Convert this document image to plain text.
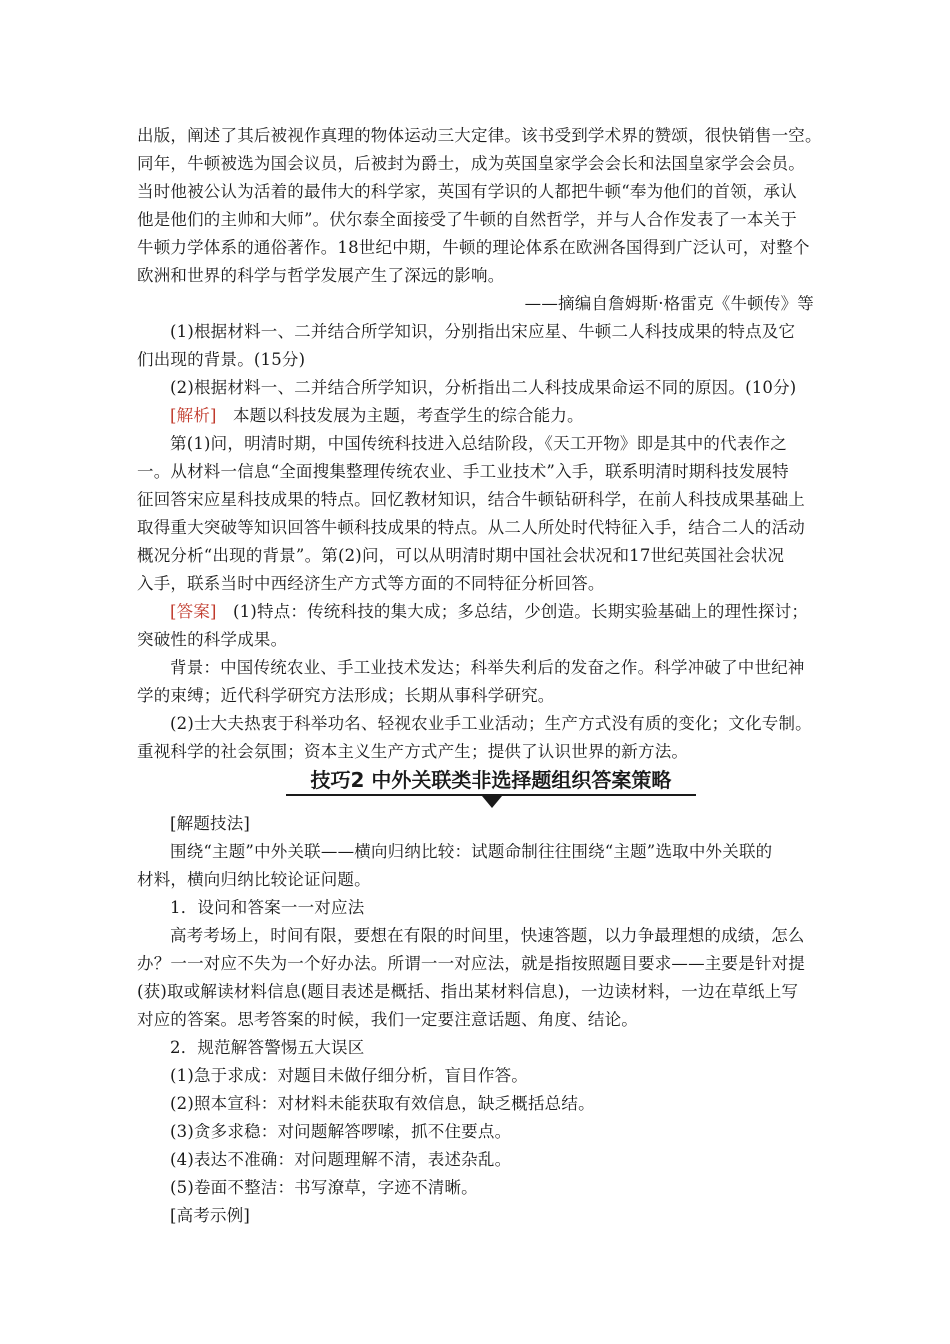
出版，阐述了其后被视作真理的物体运动三大定律。该书受到学术界的赞颂，很快销售一空。
同年，牛顿被选为国会议员，后被封为爵士，成为英国皇家学会会长和法国皇家学会会员。
当时他被公认为活着的最伟大的科学家，英国有学识的人都把牛顿“奉为他们的首领，承认
他是他们的主帅和大师”。伏尔泰全面接受了牛顿的自然哲学，并与人合作发表了一本关于
牛顿力学体系的通俗著作。18世纪中期，牛顿的理论体系在欧洲各国得到广泛认可，对整个
欧洲和世界的科学与哲学发展产生了深远的影响。
——摘编自詹姆斯·格雷克《牛顿传》等
(1)根据材料一、二并结合所学知识，分别指出宋应星、牛顿二人科技成果的特点及它
们出现的背景。(15分)
(2)根据材料一、二并结合所学知识，分析指出二人科技成果命运不同的原因。(10分)
[解析] 本题以科技发展为主题，考查学生的综合能力。
第(1)问，明清时期，中国传统科技进入总结阶段，《天工开物》即是其中的代表作之
一。从材料一信息“全面搜集整理传统农业、手工业技术”入手，联系明清时期科技发展特
征回答宋应星科技成果的特点。回忆教材知识，结合牛顿钻研科学，在前人科技成果基础上
取得重大突破等知识回答牛顿科技成果的特点。从二人所处时代特征入手，结合二人的活动
概况分析“出现的背景”。第(2)问，可以从明清时期中国社会状况和17世纪英国社会状况
入手，联系当时中西经济生产方式等方面的不同特征分析回答。
[答案] (1)特点：传统科技的集大成；多总结，少创造。长期实验基础上的理性探讨；
突破性的科学成果。
背景：中国传统农业、手工业技术发达；科举失利后的发奋之作。科学冲破了中世纪神
学的束缚；近代科学研究方法形成；长期从事科学研究。
(2)士大夫热衷于科举功名、轻视农业手工业活动；生产方式没有质的变化；文化专制。
重视科学的社会氛围；资本主义生产方式产生；提供了认识世界的新方法。
技巧2 中外关联类非选择题组织答案策略
[解题技法]
围绕“主题”中外关联——横向归纳比较：试题命制往往围绕“主题”选取中外关联的
材料，横向归纳比较论证问题。
1．设问和答案一一对应法
高考考场上，时间有限，要想在有限的时间里，快速答题，以力争最理想的成绩，怎么
办？一一对应不失为一个好办法。所谓一一对应法，就是指按照题目要求——主要是针对提
(获)取或解读材料信息(题目表述是概括、指出某材料信息)，一边读材料，一边在草纸上写
对应的答案。思考答案的时候，我们一定要注意话题、角度、结论。
2．规范解答警惕五大误区
(1)急于求成：对题目未做仔细分析，盲目作答。
(2)照本宣科：对材料未能获取有效信息，缺乏概括总结。
(3)贪多求稳：对问题解答啰嗦，抓不住要点。
(4)表达不准确：对问题理解不清，表述杂乱。
(5)卷面不整洁：书写潦草，字迹不清晰。
[高考示例]
